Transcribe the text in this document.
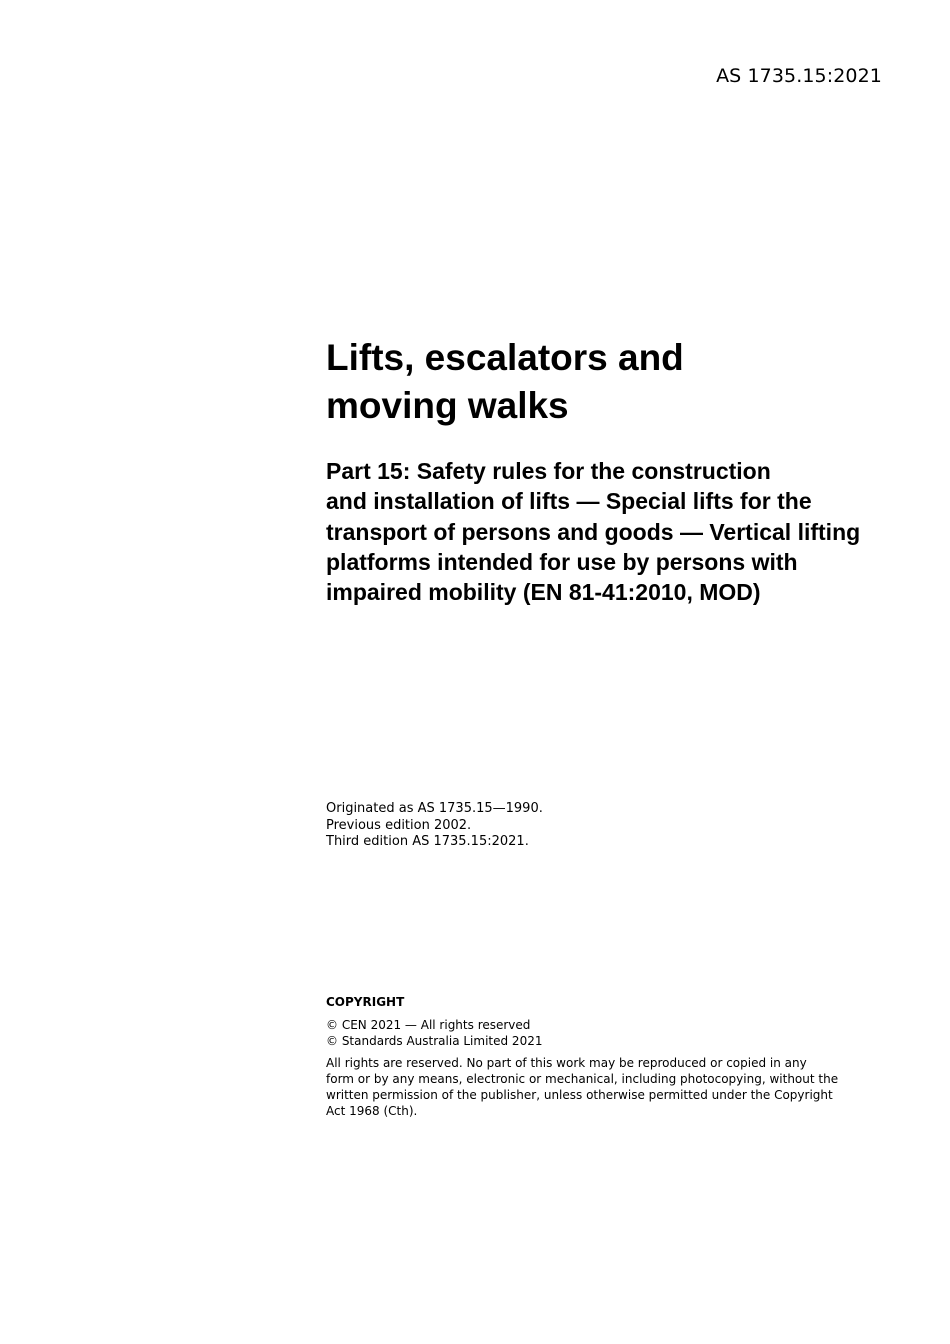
AS 1735.15:2021
Lifts, escalators and
moving walks
Part 15: Safety rules for the construction
and installation of lifts — Special lifts for the
transport of persons and goods — Vertical lifting
platforms intended for use by persons with
impaired mobility (EN 81-41:2010, MOD)
Originated as AS 1735.15—1990.
Previous edition 2002.
Third edition AS 1735.15:2021.
COPYRIGHT
© CEN 2021 — All rights reserved
© Standards Australia Limited 2021
All rights are reserved. No part of this work may be reproduced or copied in any
form or by any means, electronic or mechanical, including photocopying, without the
written permission of the publisher, unless otherwise permitted under the Copyright
Act 1968 (Cth).
